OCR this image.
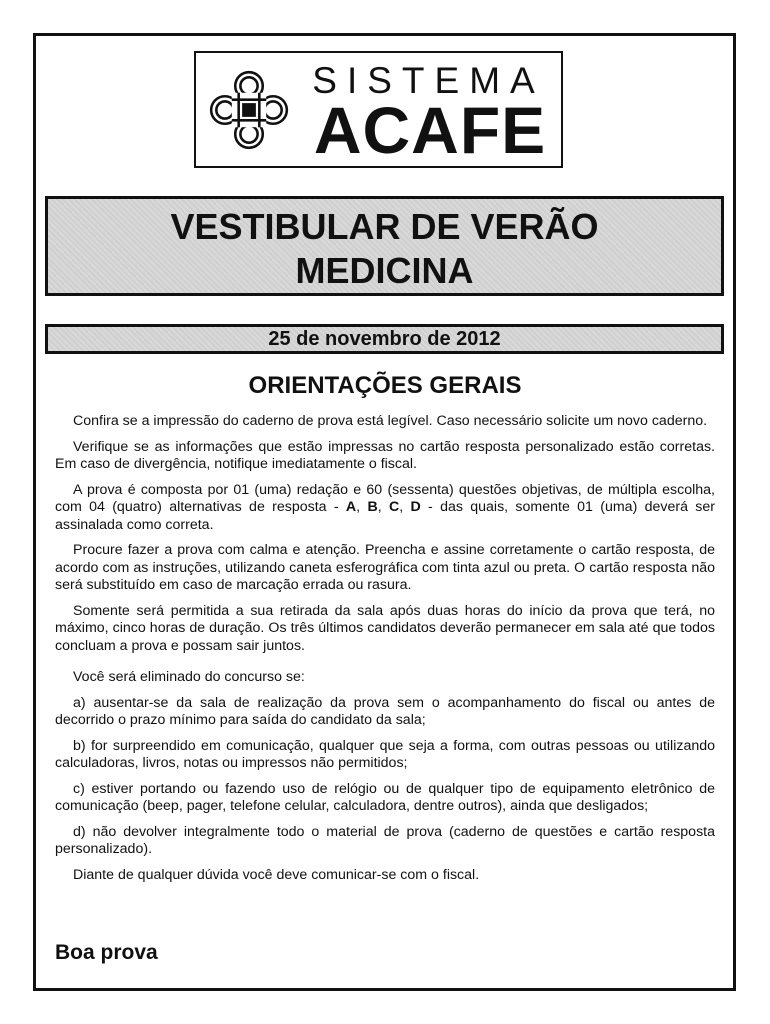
SISTEMA
ACAFE
VESTIBULAR DE VERÃO
MEDICINA
25 de novembro de 2012
ORIENTAÇÕES GERAIS

Confira se a impressão do caderno de prova está legível. Caso necessário solicite um novo caderno.

Verifique se as informações que estão impressas no cartão resposta personalizado estão corretas. Em caso de divergência, notifique imediatamente o fiscal.

A prova é composta por 01 (uma) redação e 60 (sessenta) questões objetivas, de múltipla escolha, com 04 (quatro) alternativas de resposta - A, B, C, D - das quais, somente 01 (uma) deverá ser assinalada como correta.

Procure fazer a prova com calma e atenção. Preencha e assine corretamente o cartão resposta, de acordo com as instruções, utilizando caneta esferográfica com tinta azul ou preta. O cartão resposta não será substituído em caso de marcação errada ou rasura.

Somente será permitida a sua retirada da sala após duas horas do início da prova que terá, no máximo, cinco horas de duração. Os três últimos candidatos deverão permanecer em sala até que todos concluam a prova e possam sair juntos.

Você será eliminado do concurso se:

a) ausentar-se da sala de realização da prova sem o acompanhamento do fiscal ou antes de decorrido o prazo mínimo para saída do candidato da sala;

b) for surpreendido em comunicação, qualquer que seja a forma, com outras pessoas ou utilizando calculadoras, livros, notas ou impressos não permitidos;

c) estiver portando ou fazendo uso de relógio ou de qualquer tipo de equipamento eletrônico de comunicação (beep, pager, telefone celular, calculadora, dentre outros), ainda que desligados;

d) não devolver integralmente todo o material de prova (caderno de questões e cartão resposta personalizado).

Diante de qualquer dúvida você deve comunicar-se com o fiscal.

Boa prova
